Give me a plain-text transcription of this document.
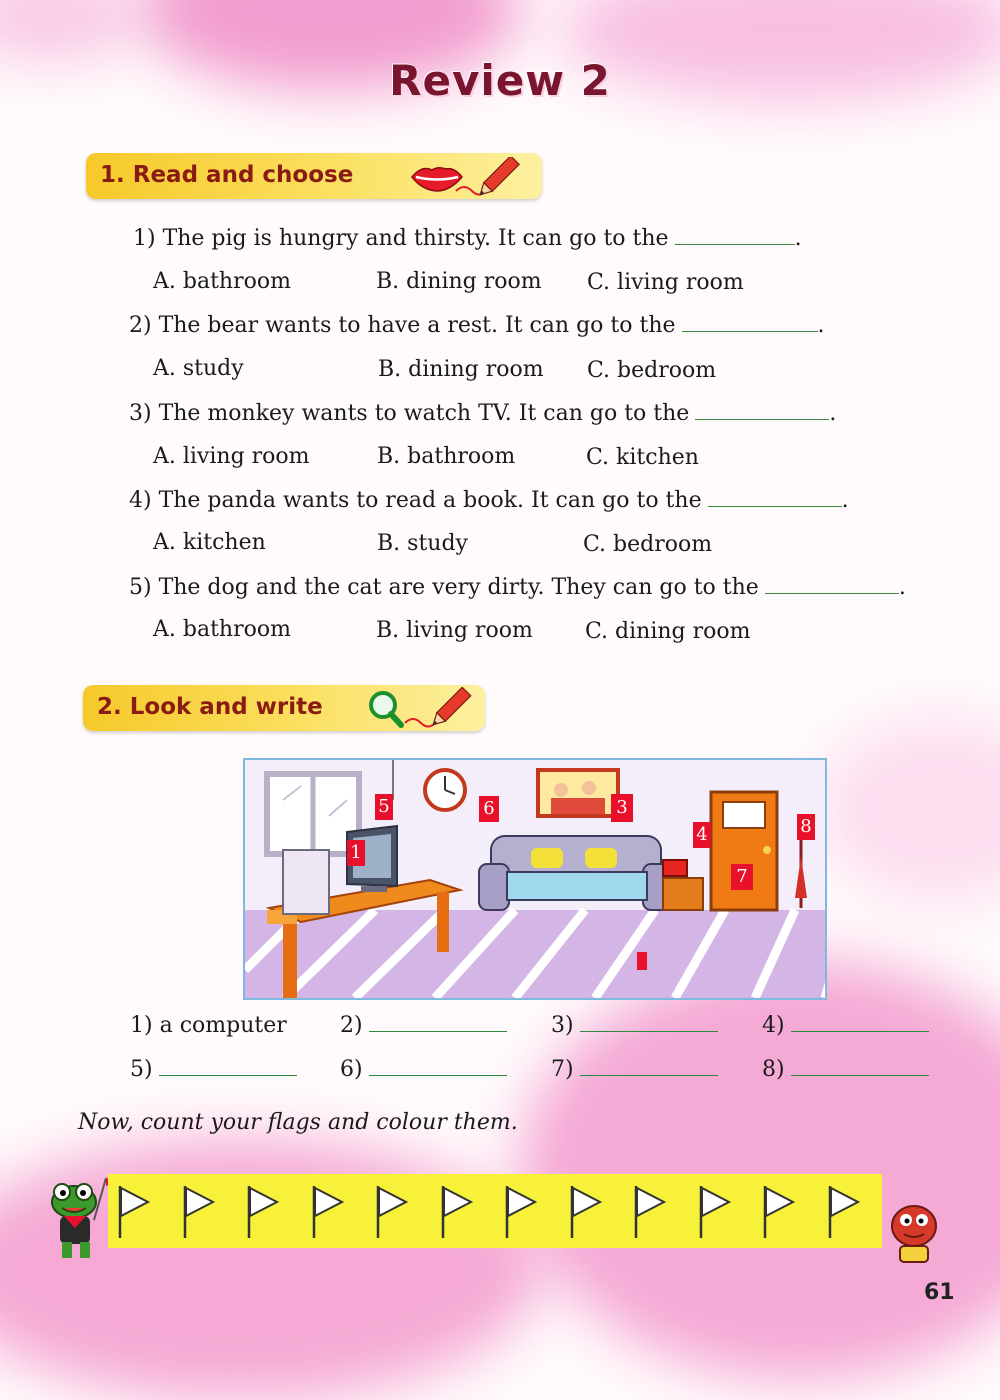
Review 2
1. Read and choose
1) The pig is hungry and thirsty. It can go to the	.
A. bathroom	B. dining room C. living room
2) The bear wants to have a rest. It can go to the	.
A. study	B. dining room C. bedroom
3) The monkey wants to watch TV. It can go to the	.
A. living room	B. bathroom	C. kitchen
4) The panda wants to read a book. It can go to the	.
A. kitchen	B. study	C. bedroom
5) The dog and the cat are very dirty. They can go to the	.
A. bathroom	B. living room C. dining room
2. Look and write
1
2
3
4
5	6
7
8
1) a computer 2)	3)	4)
5)	6)	7)	8)
Now, count your flags and colour them.
61
